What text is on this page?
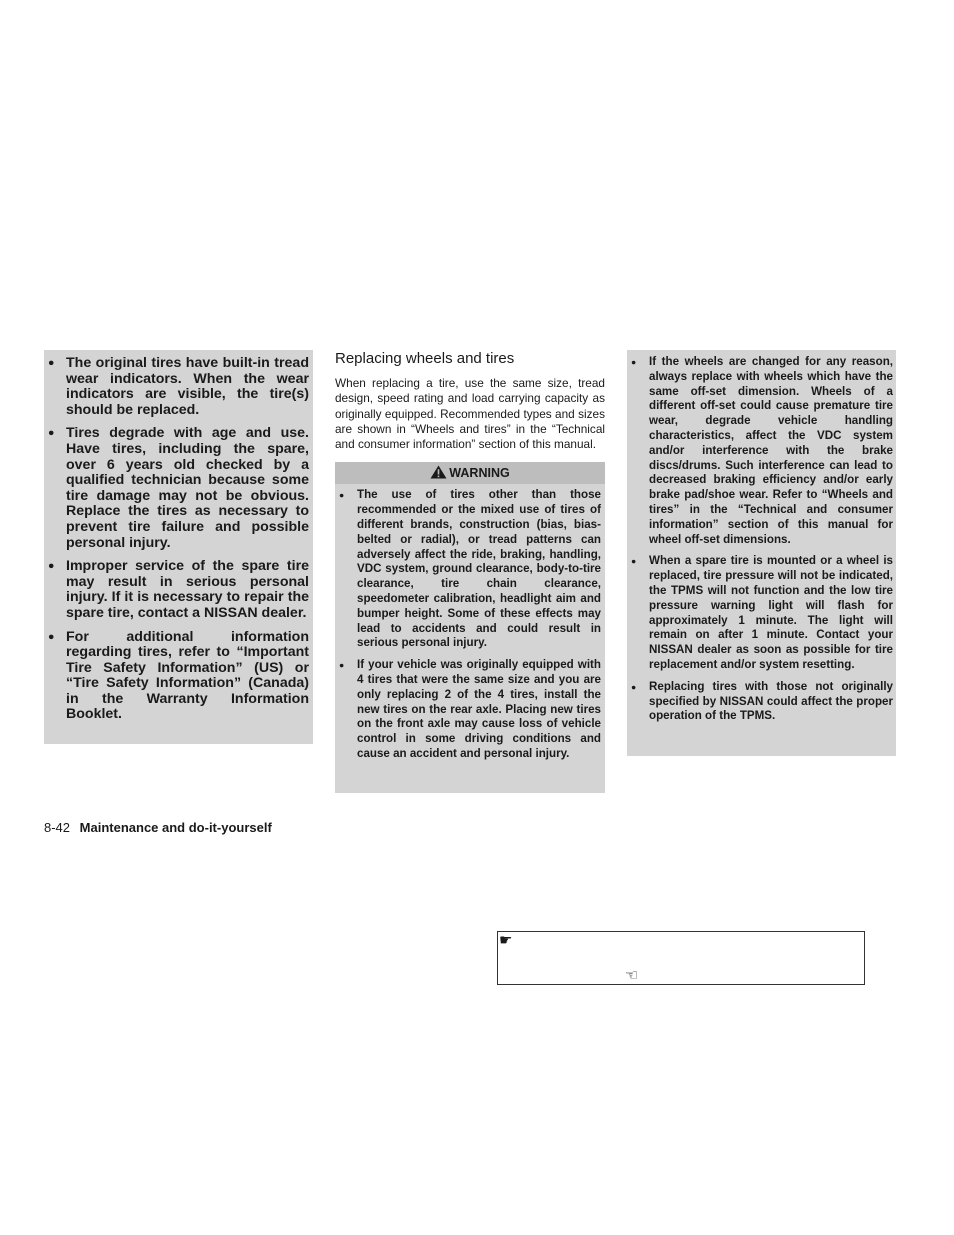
● The original tires have built-in tread wear indicators. When the wear indicators are visible, the tire(s) should be replaced.
● Tires degrade with age and use. Have tires, including the spare, over 6 years old checked by a qualified technician because some tire damage may not be obvious. Replace the tires as necessary to prevent tire failure and possible personal injury.
● Improper service of the spare tire may result in serious personal injury. If it is necessary to repair the spare tire, contact a NISSAN dealer.
● For additional information regarding tires, refer to “Important Tire Safety Information” (US) or “Tire Safety Information” (Canada) in the Warranty Information Booklet.
Replacing wheels and tires

When replacing a tire, use the same size, tread design, speed rating and load carrying capacity as originally equipped. Recommended types and sizes are shown in “Wheels and tires” in the “Technical and consumer information” section of this manual.

WARNING
● The use of tires other than those recommended or the mixed use of tires of different brands, construction (bias, bias-belted or radial), or tread patterns can adversely affect the ride, braking, handling, VDC system, ground clearance, body-to-tire clearance, tire chain clearance, speedometer calibration, headlight aim and bumper height. Some of these effects may lead to accidents and could result in serious personal injury.
● If your vehicle was originally equipped with 4 tires that were the same size and you are only replacing 2 of the 4 tires, install the new tires on the rear axle. Placing new tires on the front axle may cause loss of vehicle control in some driving conditions and cause an accident and personal injury.
● If the wheels are changed for any reason, always replace with wheels which have the same off-set dimension. Wheels of a different off-set could cause premature tire wear, degrade vehicle handling characteristics, affect the VDC system and/or interference with the brake discs/drums. Such interference can lead to decreased braking efficiency and/or early brake pad/shoe wear. Refer to “Wheels and tires” in the “Technical and consumer information” section of this manual for wheel off-set dimensions.
● When a spare tire is mounted or a wheel is replaced, tire pressure will not be indicated, the TPMS will not function and the low tire pressure warning light will flash for approximately 1 minute. The light will remain on after 1 minute. Contact your NISSAN dealer as soon as possible for tire replacement and/or system resetting.
● Replacing tires with those not originally specified by NISSAN could affect the proper operation of the TPMS.
8-42 Maintenance and do-it-yourself
☛
☜
